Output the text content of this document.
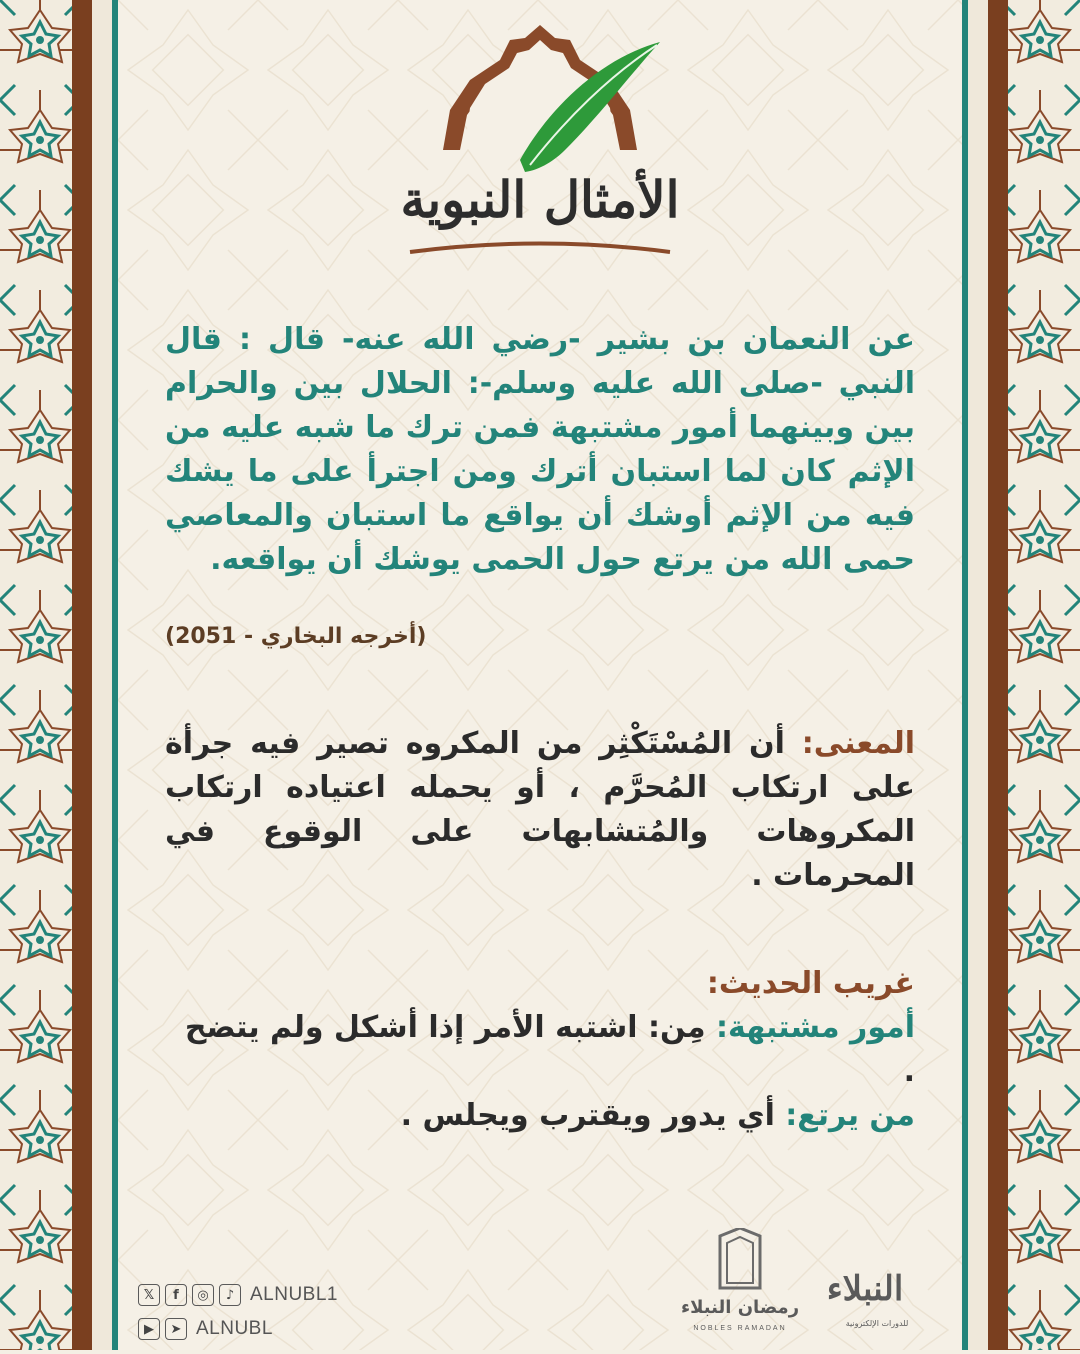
الأمثال النبوية
عن النعمان بن بشير -رضي الله عنه- قال : قال النبي -صلى الله عليه وسلم-: الحلال بين والحرام بين وبينهما أمور مشتبهة فمن ترك ما شبه عليه من الإثم كان لما استبان أترك ومن اجترأ على ما يشك فيه من الإثم أوشك أن يواقع ما استبان والمعاصي حمى الله من يرتع حول الحمى يوشك أن يواقعه.
(أخرجه البخاري - 2051)
المعنى: أن المُسْتَكْثِر من المكروه تصير فيه جرأة على ارتكاب المُحرَّم ، أو يحمله اعتياده ارتكاب المكروهات والمُتشابهات على الوقوع في المحرمات .
غريب الحديث:
أمور مشتبهة: مِن: اشتبه الأمر إذا أشكل ولم يتضح .
من يرتع: أي يدور ويقترب ويجلس .
𝕏	f	◎	♪ ALNUBL1
▶	➤ ALNUBL
رمضان النبلاء
NOBLES RAMADAN
النبلاء
للدورات الإلكترونية
